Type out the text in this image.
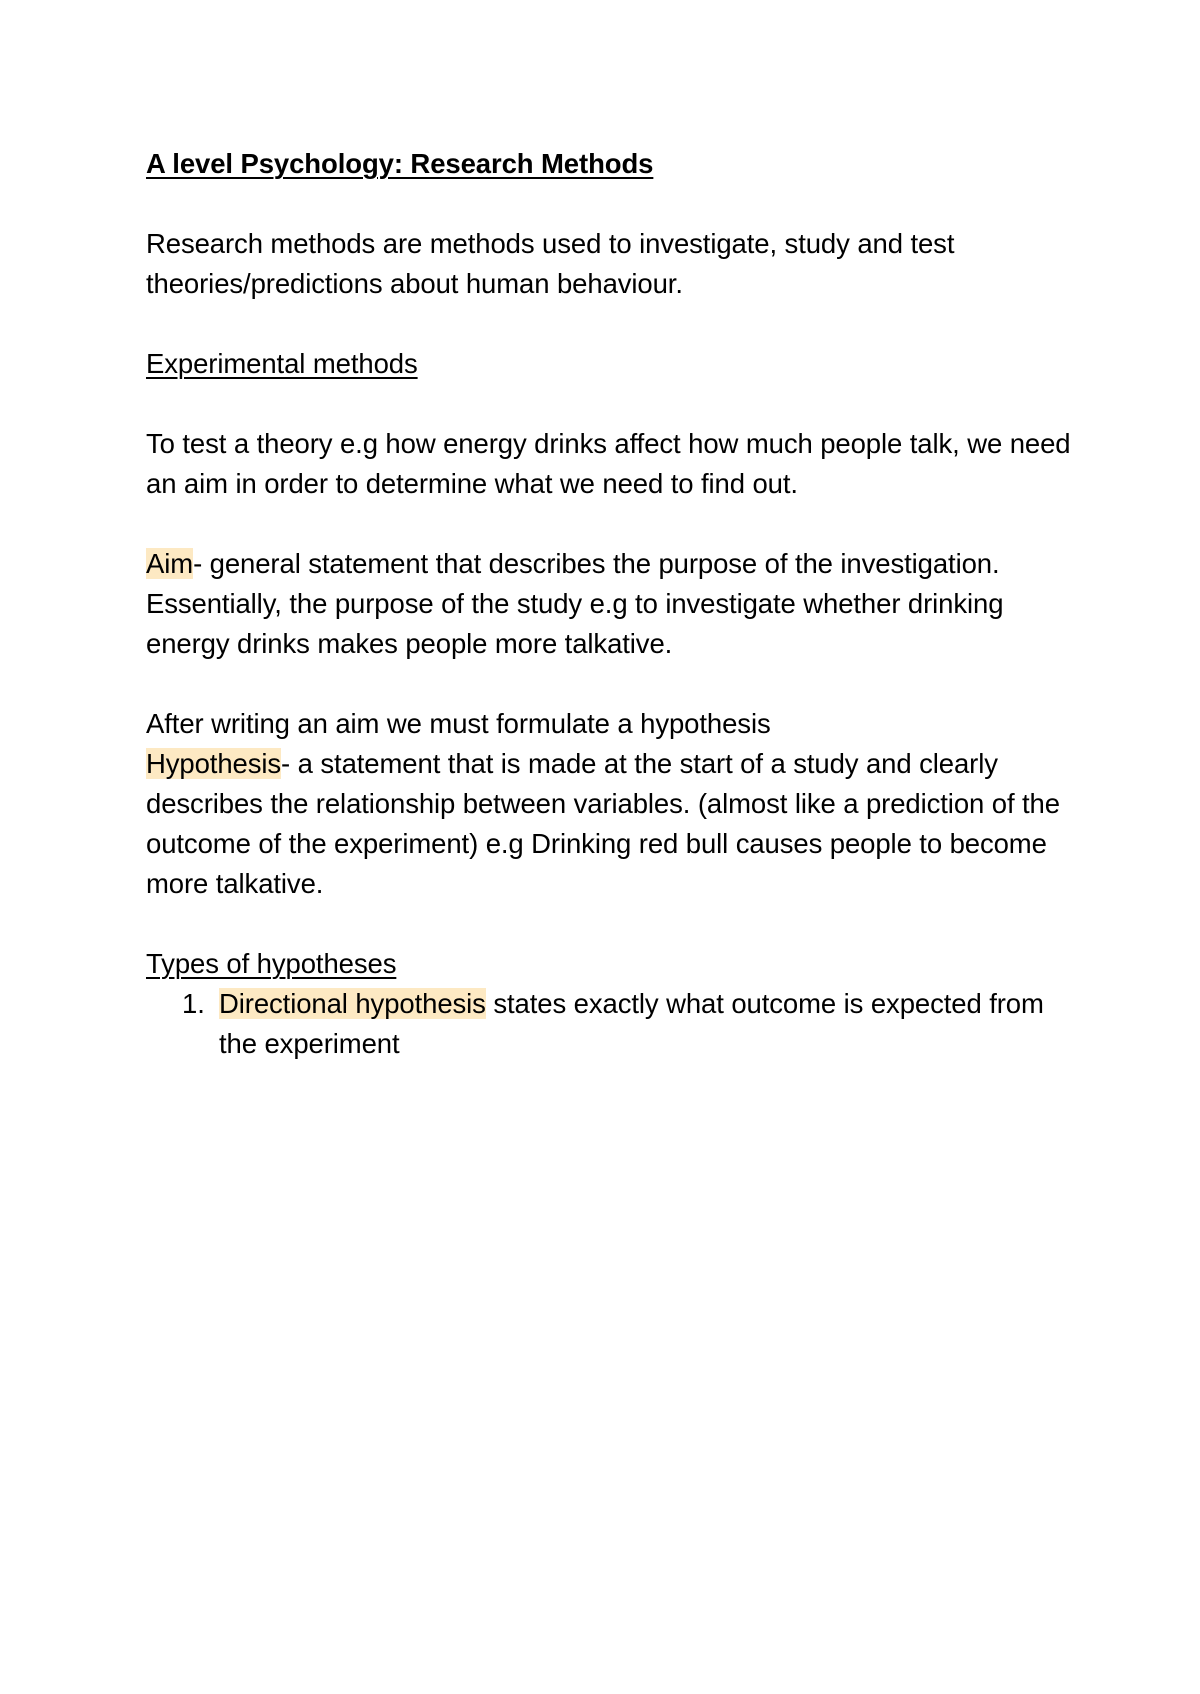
A level Psychology: Research Methods

Research methods are methods used to investigate, study and test theories/predictions about human behaviour.

Experimental methods

To test a theory e.g how energy drinks affect how much people talk, we need an aim in order to determine what we need to find out.

Aim- general statement that describes the purpose of the investigation. Essentially, the purpose of the study e.g to investigate whether drinking energy drinks makes people more talkative.

After writing an aim we must formulate a hypothesis

Hypothesis- a statement that is made at the start of a study and clearly describes the relationship between variables. (almost like a prediction of the outcome of the experiment) e.g Drinking red bull causes people to become more talkative.

Types of hypotheses

1. Directional hypothesis states exactly what outcome is expected from the experiment
